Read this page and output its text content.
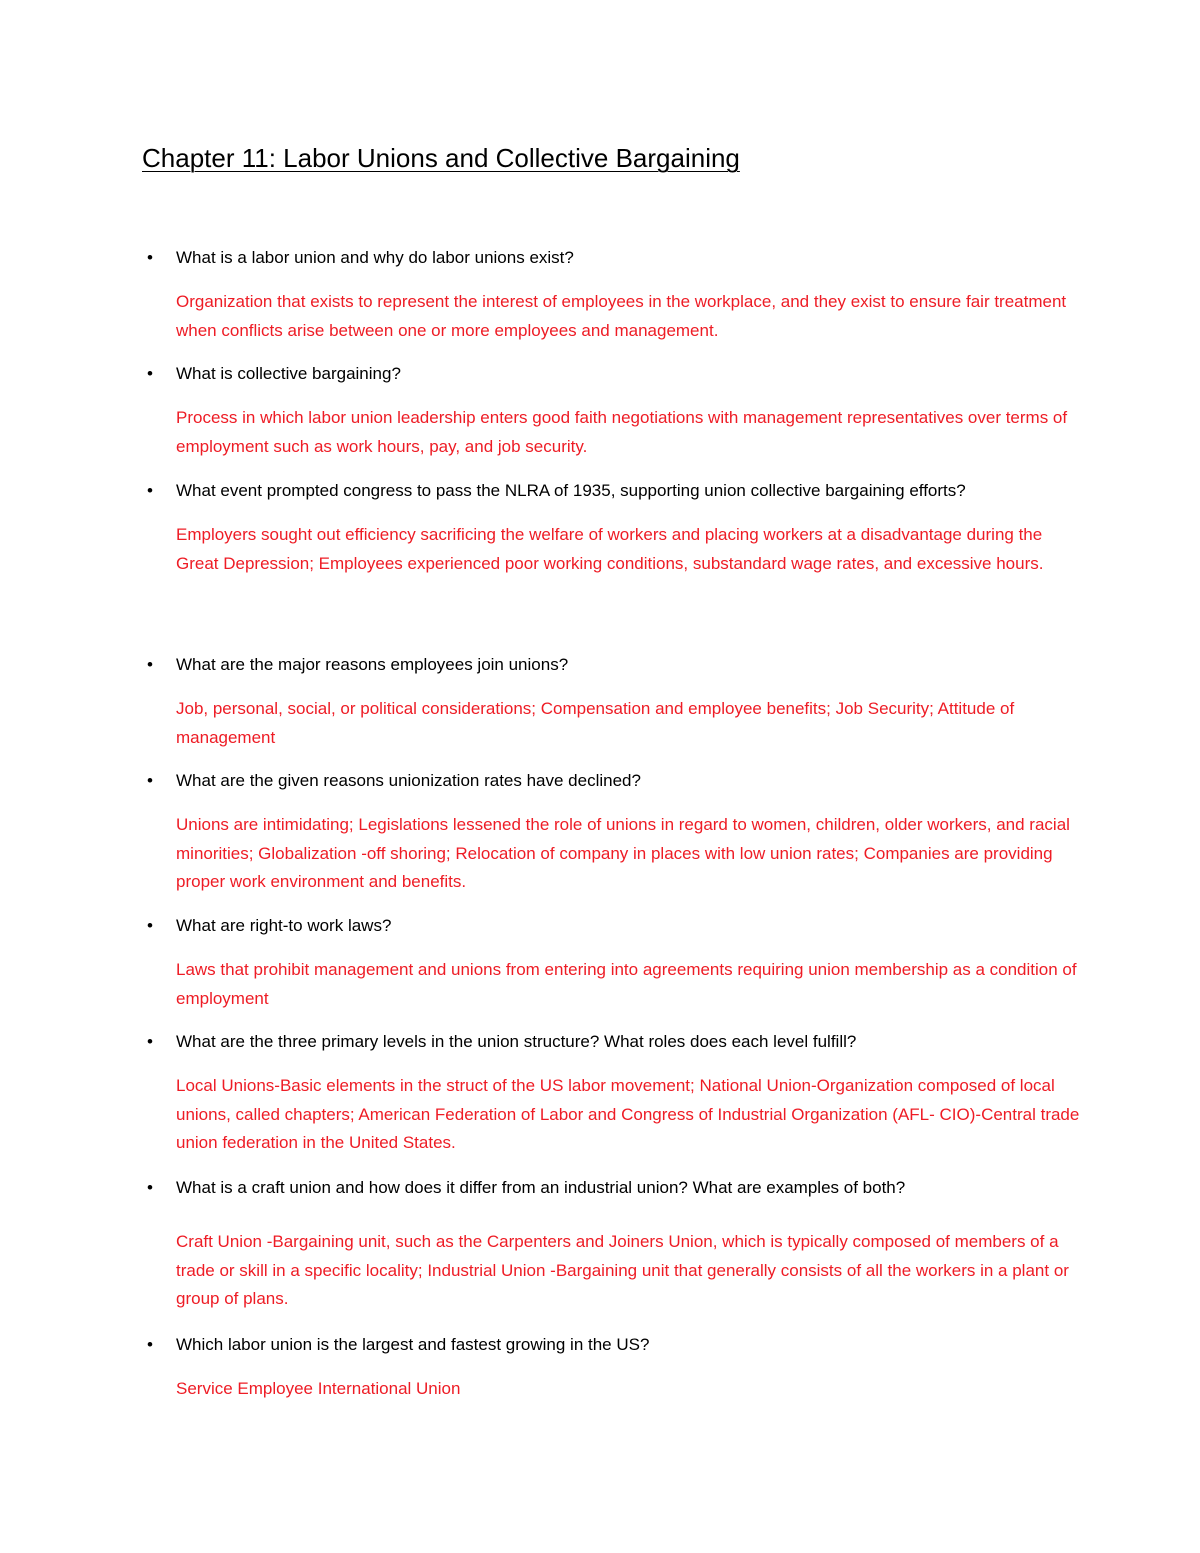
Chapter 11: Labor Unions and Collective Bargaining

• What is a labor union and why do labor unions exist?

Organization that exists to represent the interest of employees in the workplace, and they exist to ensure fair treatment when conflicts arise between one or more employees and management.

• What is collective bargaining?

Process in which labor union leadership enters good faith negotiations with management representatives over terms of employment such as work hours, pay, and job security.

• What event prompted congress to pass the NLRA of 1935, supporting union collective bargaining efforts?

Employers sought out efficiency sacrificing the welfare of workers and placing workers at a disadvantage during the Great Depression; Employees experienced poor working conditions, substandard wage rates, and excessive hours.

• What are the major reasons employees join unions?

Job, personal, social, or political considerations; Compensation and employee benefits; Job Security; Attitude of management

• What are the given reasons unionization rates have declined?

Unions are intimidating; Legislations lessened the role of unions in regard to women, children, older workers, and racial minorities; Globalization -off shoring; Relocation of company in places with low union rates; Companies are providing proper work environment and benefits.

• What are right-to work laws?

Laws that prohibit management and unions from entering into agreements requiring union membership as a condition of employment

• What are the three primary levels in the union structure? What roles does each level fulfill?

Local Unions-Basic elements in the struct of the US labor movement; National Union-Organization composed of local unions, called chapters; American Federation of Labor and Congress of Industrial Organization (AFL- CIO)-Central trade union federation in the United States.

• What is a craft union and how does it differ from an industrial union? What are examples of both?

Craft Union -Bargaining unit, such as the Carpenters and Joiners Union, which is typically composed of members of a trade or skill in a specific locality; Industrial Union -Bargaining unit that generally consists of all the workers in a plant or group of plans.

• Which labor union is the largest and fastest growing in the US?

Service Employee International Union
